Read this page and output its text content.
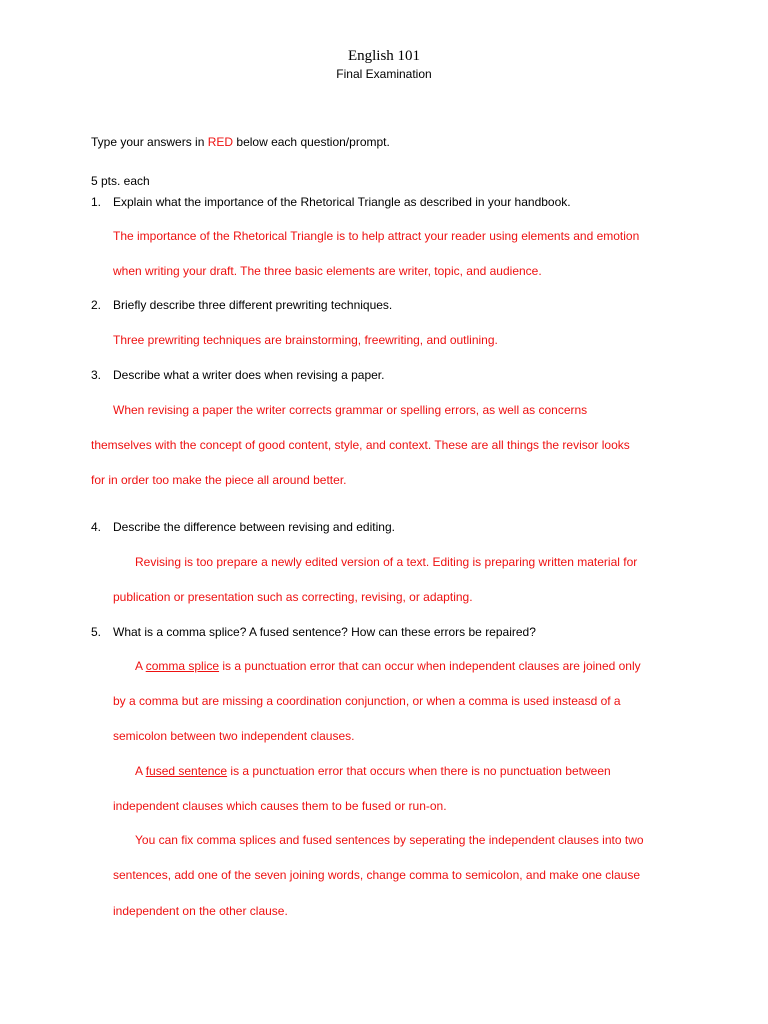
English 101
Final Examination
Type your answers in RED below each question/prompt.
5 pts. each
1. Explain what the importance of the Rhetorical Triangle as described in your handbook.
The importance of the Rhetorical Triangle is to help attract your reader using elements and emotion
when writing your draft. The three basic elements are writer, topic, and audience.
2. Briefly describe three different prewriting techniques.
Three prewriting techniques are brainstorming, freewriting, and outlining.
3. Describe what a writer does when revising a paper.
When revising a paper the writer corrects grammar or spelling errors, as well as concerns
themselves with the concept of good content, style, and context. These are all things the revisor looks
for in order too make the piece all around better.
4. Describe the difference between revising and editing.
Revising is too prepare a newly edited version of a text. Editing is preparing written material for
publication or presentation such as correcting, revising, or adapting.
5. What is a comma splice? A fused sentence? How can these errors be repaired?
A comma splice is a punctuation error that can occur when independent clauses are joined only
by a comma but are missing a coordination conjunction, or when a comma is used insteasd of a
semicolon between two independent clauses.
A fused sentence is a punctuation error that occurs when there is no punctuation between
independent clauses which causes them to be fused or run-on.
You can fix comma splices and fused sentences by seperating the independent clauses into two
sentences, add one of the seven joining words, change comma to semicolon, and make one clause
independent on the other clause.
